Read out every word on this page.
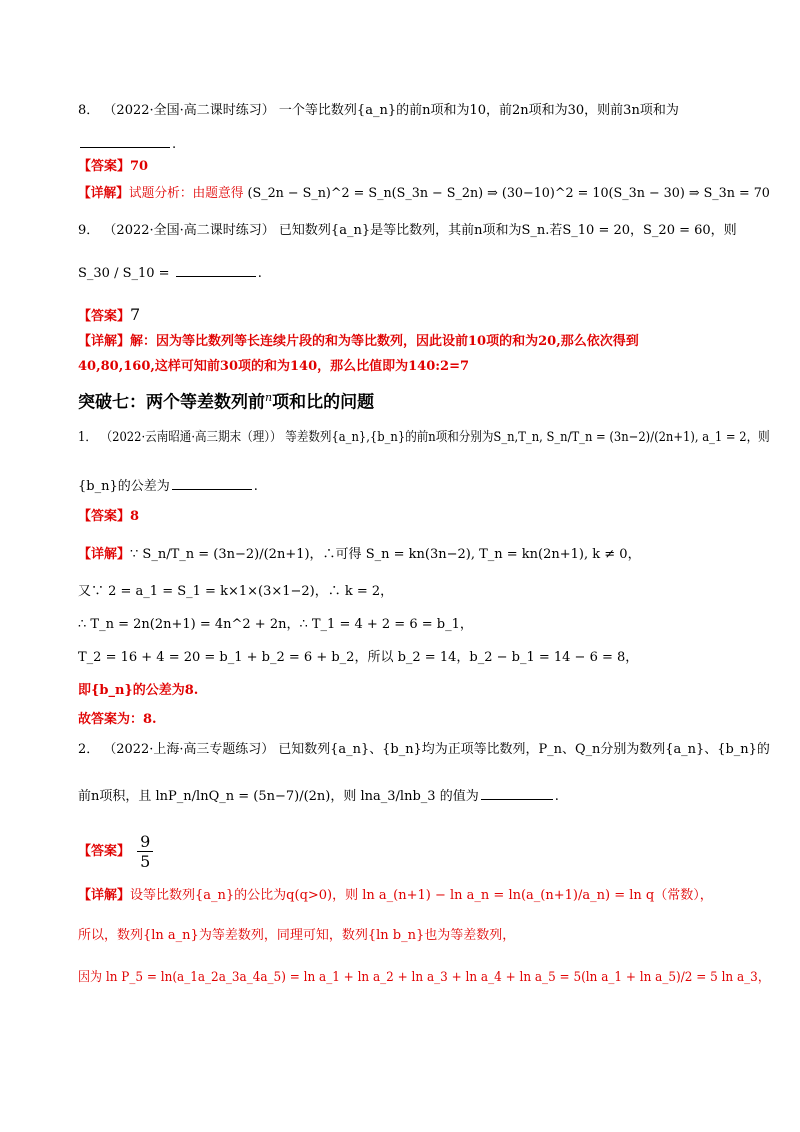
8． （2022·全国·高二课时练习） 一个等比数列{a_n}的前n项和为10，前2n项和为30，则前3n项和为
.
【答案】70
【详解】试题分析：由题意得 (S_2n − S_n)^2 = S_n(S_3n − S_2n) ⇒ (30−10)^2 = 10(S_3n − 30) ⇒ S_3n = 70
9． （2022·全国·高二课时练习） 已知数列{a_n}是等比数列，其前n项和为S_n.若S_10 = 20，S_20 = 60，则
S_30 / S_10 =	.
【答案】7
【详解】解：因为等比数列等长连续片段的和为等比数列，因此设前10项的和为20,那么依次得到
40,80,160,这样可知前30项的和为140，那么比值即为140:2=7
突破七：两个等差数列前$^n$项和比的问题
1． （2022·云南昭通·高三期末（理）） 等差数列{a_n},{b_n}的前n项和分别为S_n,T_n, S_n/T_n = (3n−2)/(2n+1), a_1 = 2，则
{b_n}的公差为	.
【答案】8
【详解】∵ S_n/T_n = (3n−2)/(2n+1)，∴可得 S_n = kn(3n−2), T_n = kn(2n+1), k ≠ 0，
又∵ 2 = a_1 = S_1 = k×1×(3×1−2)，∴ k = 2，
∴ T_n = 2n(2n+1) = 4n^2 + 2n，∴ T_1 = 4 + 2 = 6 = b_1，
T_2 = 16 + 4 = 20 = b_1 + b_2 = 6 + b_2，所以 b_2 = 14，b_2 − b_1 = 14 − 6 = 8，
即{b_n}的公差为8.
故答案为：8.
2． （2022·上海·高三专题练习） 已知数列{a_n}、{b_n}均为正项等比数列，P_n、Q_n分别为数列{a_n}、{b_n}的
前n项积，且 lnP_n/lnQ_n = (5n−7)/(2n)，则 lna_3/lnb_3 的值为	.
【答案】 $\frac{9}{5}$
【详解】设等比数列{a_n}的公比为q(q>0)，则 ln a_(n+1) − ln a_n = ln(a_(n+1)/a_n) = ln q（常数），
所以，数列{ln a_n}为等差数列，同理可知，数列{ln b_n}也为等差数列，
因为 ln P_5 = ln(a_1a_2a_3a_4a_5) = ln a_1 + ln a_2 + ln a_3 + ln a_4 + ln a_5 = 5(ln a_1 + ln a_5)/2 = 5 ln a_3，
